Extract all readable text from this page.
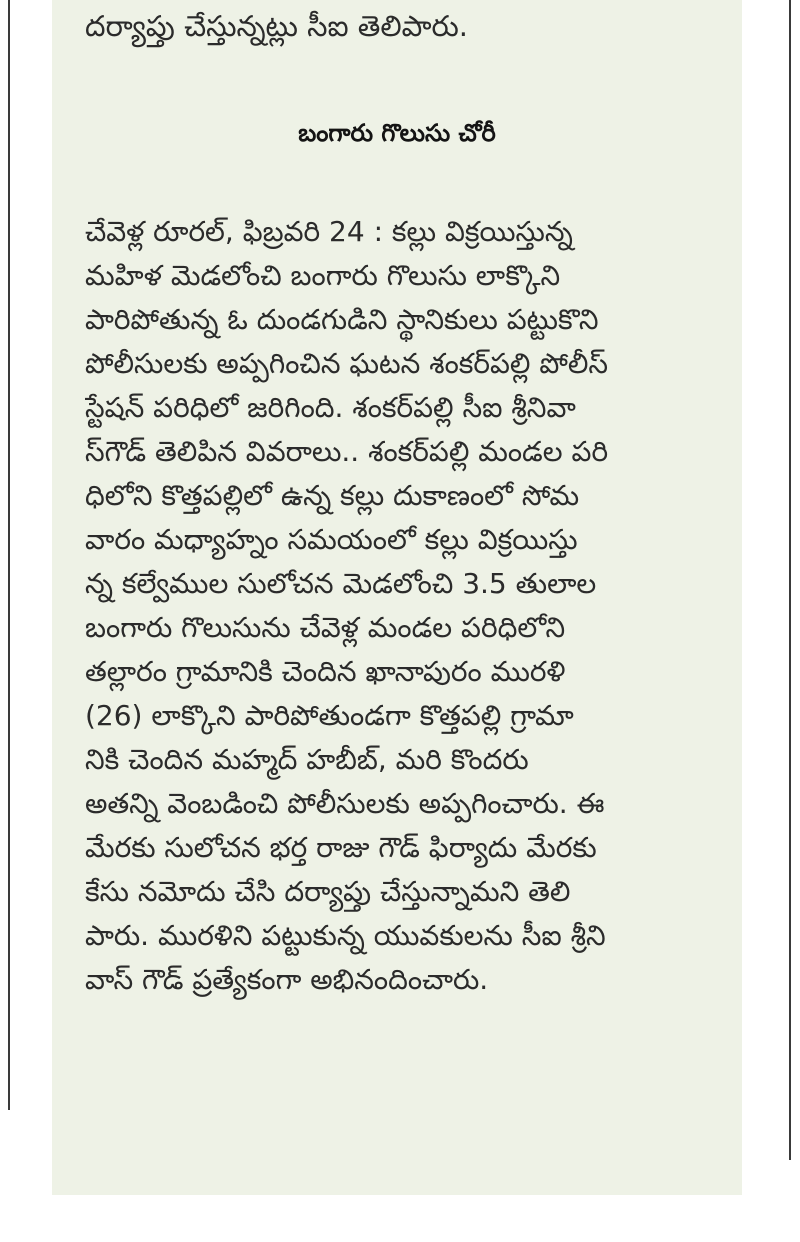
దర్యాప్తు చేస్తున్నట్లు సీఐ తెలిపారు.
బంగారు గొలుసు చోరీ
చేవెళ్ల రూరల్, ఫిబ్రవరి 24 : కల్లు విక్రయిస్తున్న
మహిళ మెడలోంచి బంగారు గొలుసు లాక్కొని
పారిపోతున్న ఓ దుండగుడిని స్థానికులు పట్టుకొని
పోలీసులకు అప్పగించిన ఘటన శంకర్‌పల్లి పోలీస్
స్టేషన్ పరిధిలో జరిగింది. శంకర్‌పల్లి సీఐ శ్రీనివా
స్‌గౌడ్ తెలిపిన వివరాలు.. శంకర్‌పల్లి మండల పరి
ధిలోని కొత్తపల్లిలో ఉన్న కల్లు దుకాణంలో సోమ
వారం మధ్యాహ్నం సమయంలో కల్లు విక్రయిస్తు
న్న కల్వేముల సులోచన మెడలోంచి 3.5 తులాల
బంగారు గొలుసును చేవెళ్ల మండల పరిధిలోని
తల్లారం గ్రామానికి చెందిన ఖానాపురం మురళి
(26) లాక్కొని పారిపోతుండగా కొత్తపల్లి గ్రామా
నికి చెందిన మహ్మద్ హబీబ్, మరి కొందరు
అతన్ని వెంబడించి పోలీసులకు అప్పగించారు. ఈ
మేరకు సులోచన భర్త రాజు గౌడ్ ఫిర్యాదు మేరకు
కేసు నమోదు చేసి దర్యాప్తు చేస్తున్నామని తెలి
పారు. మురళిని పట్టుకున్న యువకులను సీఐ శ్రీని
వాస్ గౌడ్ ప్రత్యేకంగా అభినందించారు.
